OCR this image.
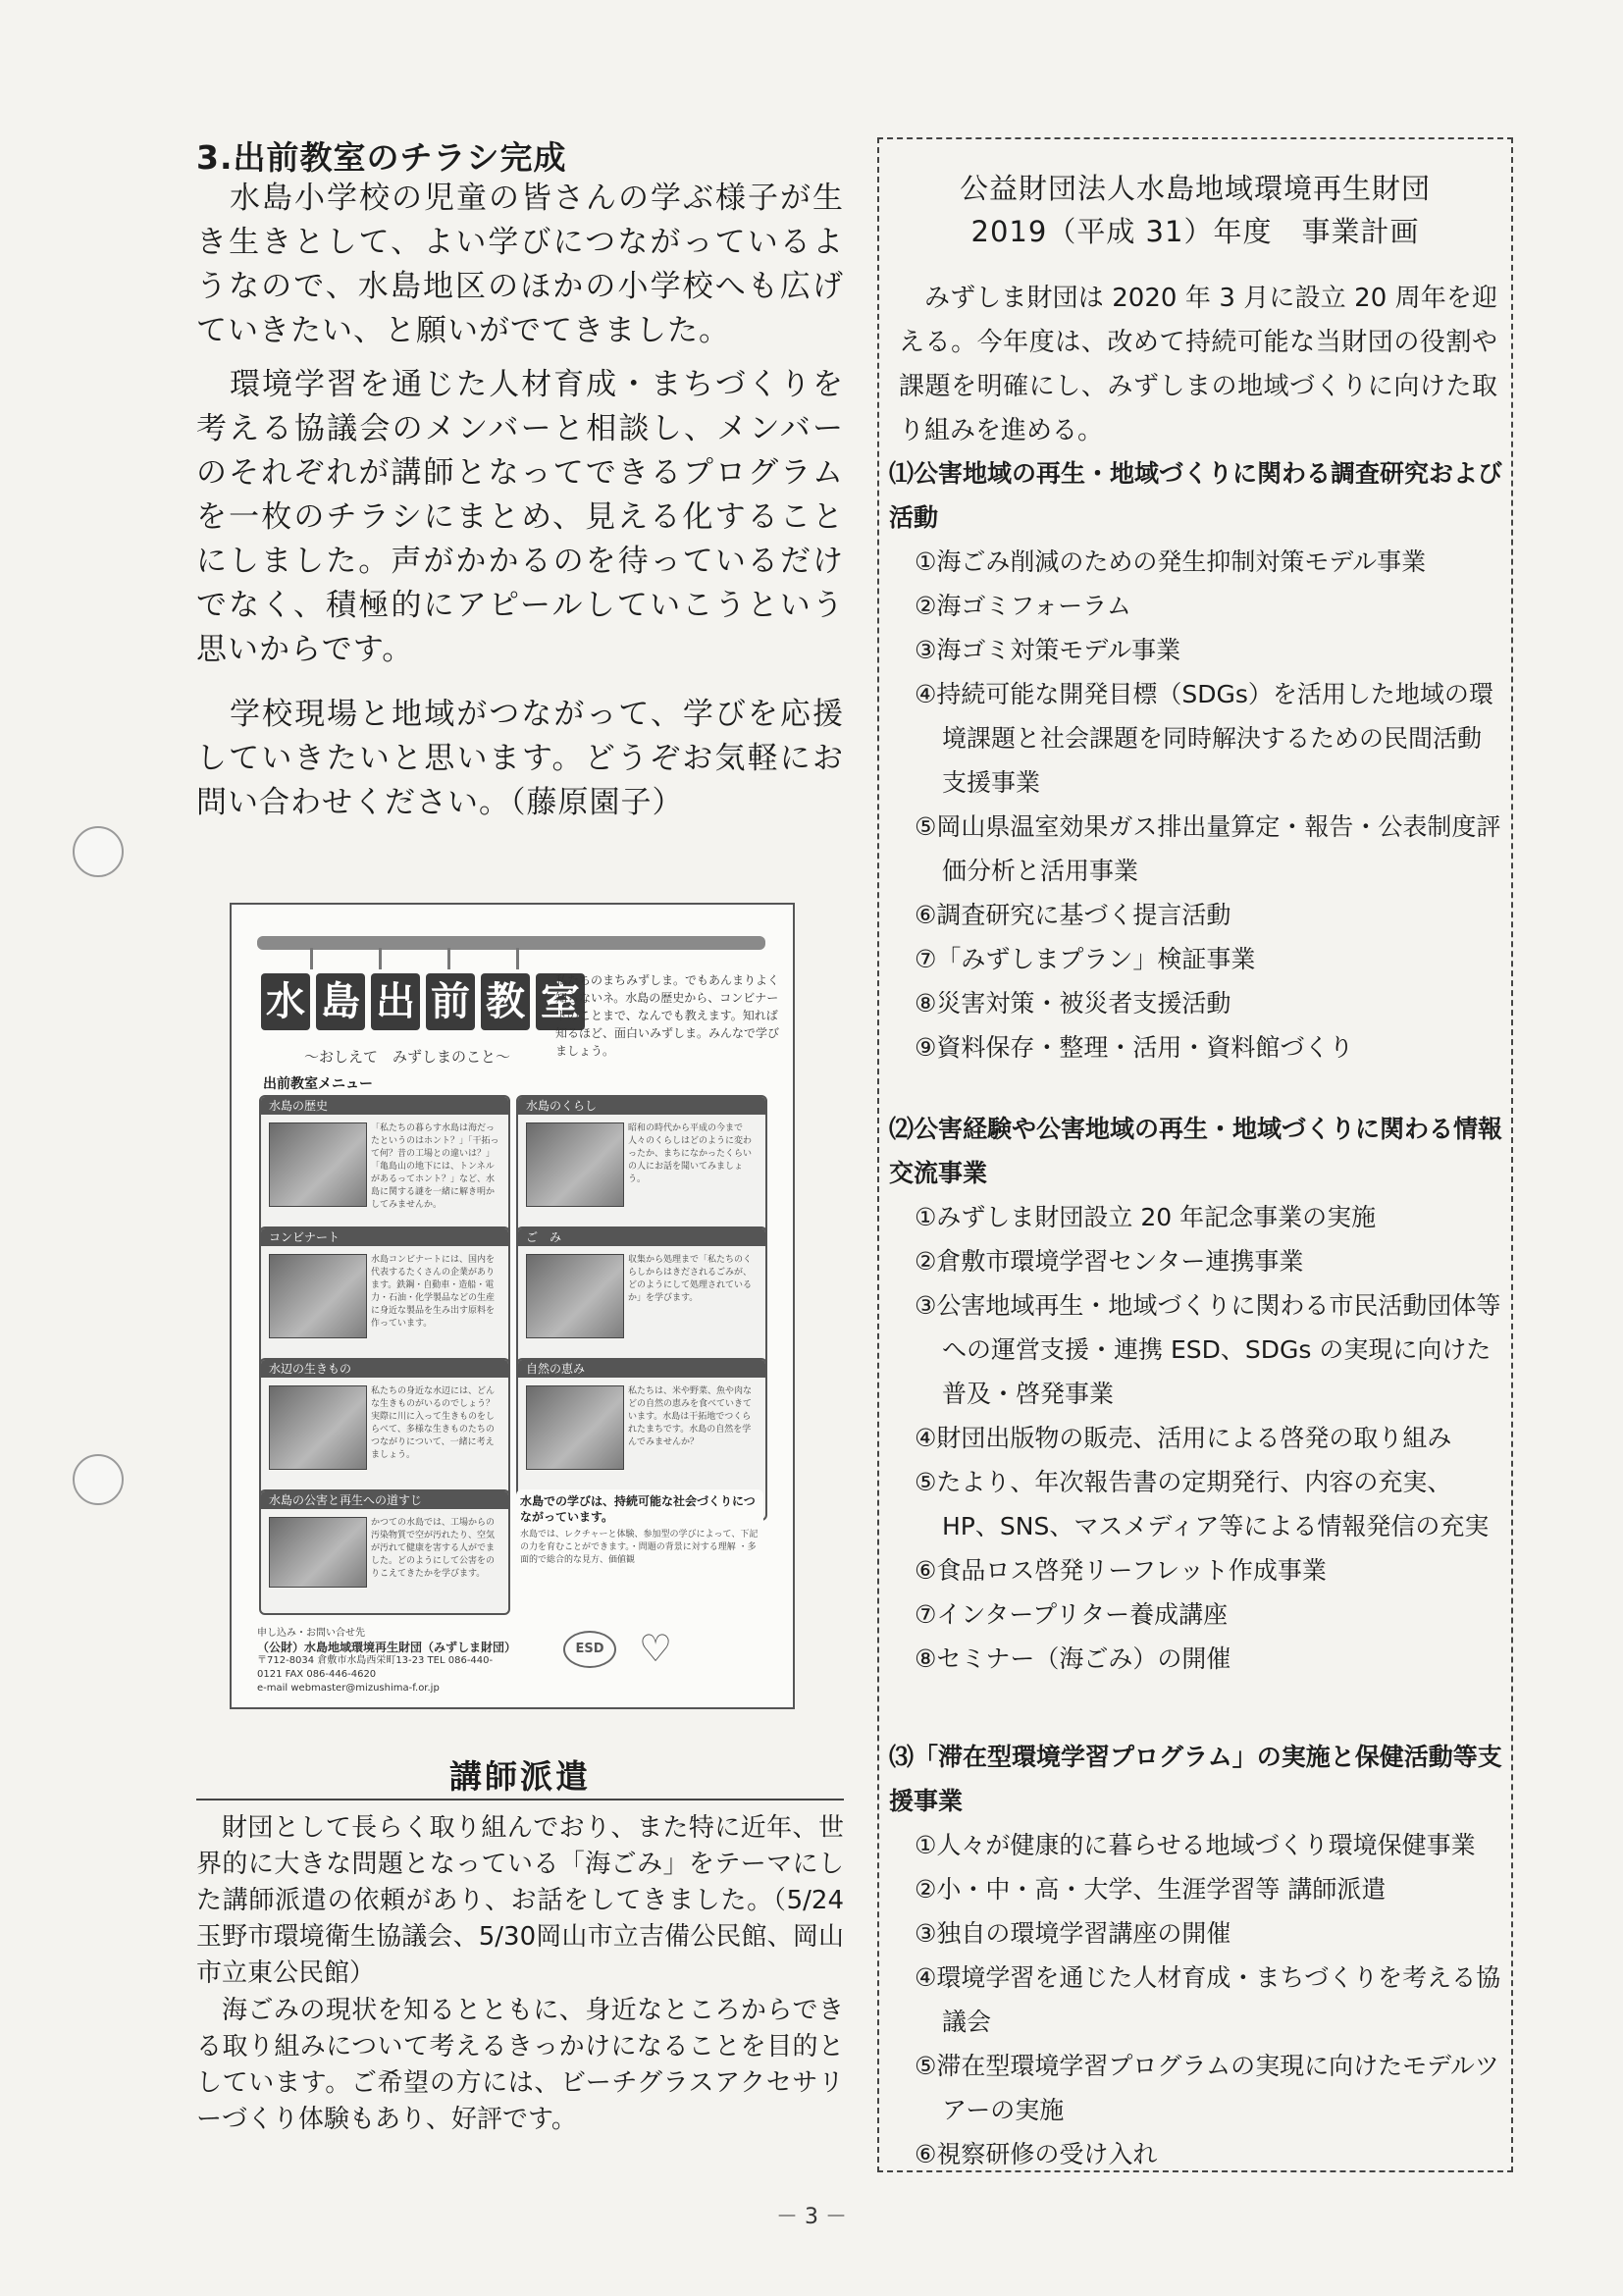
3.出前教室のチラシ完成
水島小学校の児童の皆さんの学ぶ様子が生き生きとして、よい学びにつながっているようなので、水島地区のほかの小学校へも広げていきたい、と願いがでてきました。
環境学習を通じた人材育成・まちづくりを考える協議会のメンバーと相談し、メンバーのそれぞれが講師となってできるプログラムを一枚のチラシにまとめ、見える化することにしました。声がかかるのを待っているだけでなく、積極的にアピールしていこうという思いからです。
学校現場と地域がつながって、学びを応援していきたいと思います。どうぞお気軽にお問い合わせください。（藤原園子）
水 島 出 前 教 室
～おしえて　みずしまのこと～
私たちのまちみずしま。でもあんまりよく知らないネ。水島の歴史から、コンビナートのことまで、なんでも教えます。知れば知るほど、面白いみずしま。みんなで学びましょう。
出前教室メニュー
水島の歴史
「私たちの暮らす水島は海だったというのはホント？」「干拓って何？昔の工場との違いは？」「亀島山の地下には、トンネルがあるってホント？」など、水島に関する謎を一緒に解き明かしてみませんか。
水島のくらし
昭和の時代から平成の今まで人々のくらしはどのように変わったか、まちになかったくらいの人にお話を聞いてみましょう。
コンビナート
水島コンビナートには、国内を代表するたくさんの企業があります。鉄鋼・自動車・造船・電力・石油・化学製品などの生産に身近な製品を生み出す原料を作っています。
ご　み
収集から処理まで「私たちのくらしからはきだされるごみが、どのようにして処理されているか」を学びます。
水辺の生きもの
私たちの身近な水辺には、どんな生きものがいるのでしょう？実際に川に入って生きものをしらべて、多様な生きものたちのつながりについて、一緒に考えましょう。
自然の恵み
私たちは、米や野菜、魚や肉などの自然の恵みを食べていきています。水島は干拓地でつくられたまちです。水島の自然を学んでみませんか？
水島の公害と再生への道すじ
かつての水島では、工場からの汚染物質で空が汚れたり、空気が汚れて健康を害する人がでました。どのようにして公害をのりこえてきたかを学びます。
水島での学びは、持続可能な社会づくりにつながっています。
水島では、レクチャーと体験、参加型の学びによって、下記の力を育むことができます。・問題の背景に対する理解 ・多面的で総合的な見方、価値観
申し込み・お問い合せ先
（公財）水島地域環境再生財団（みずしま財団）
〒712-8034 倉敷市水島西栄町13-23 TEL 086-440-0121 FAX 086-446-4620
e-mail webmaster@mizushima-f.or.jp
ESD ♡
講師派遣
財団として長らく取り組んでおり、また特に近年、世界的に大きな問題となっている「海ごみ」をテーマにした講師派遣の依頼があり、お話をしてきました。（5/24玉野市環境衛生協議会、5/30岡山市立吉備公民館、岡山市立東公民館）
海ごみの現状を知るとともに、身近なところからできる取り組みについて考えるきっかけになることを目的としています。ご希望の方には、ビーチグラスアクセサリーづくり体験もあり、好評です。
公益財団法人水島地域環境再生財団
2019（平成 31）年度　事業計画
みずしま財団は 2020 年 3 月に設立 20 周年を迎える。今年度は、改めて持続可能な当財団の役割や課題を明確にし、みずしまの地域づくりに向けた取り組みを進める。
⑴公害地域の再生・地域づくりに関わる調査研究および活動
①海ごみ削減のための発生抑制対策モデル事業
②海ゴミフォーラム
③海ゴミ対策モデル事業
④持続可能な開発目標（SDGs）を活用した地域の環境課題と社会課題を同時解決するための民間活動支援事業
⑤岡山県温室効果ガス排出量算定・報告・公表制度評価分析と活用事業
⑥調査研究に基づく提言活動
⑦「みずしまプラン」検証事業
⑧災害対策・被災者支援活動
⑨資料保存・整理・活用・資料館づくり
⑵公害経験や公害地域の再生・地域づくりに関わる情報交流事業
①みずしま財団設立 20 年記念事業の実施
②倉敷市環境学習センター連携事業
③公害地域再生・地域づくりに関わる市民活動団体等への運営支援・連携 ESD、SDGs の実現に向けた普及・啓発事業
④財団出版物の販売、活用による啓発の取り組み
⑤たより、年次報告書の定期発行、内容の充実、HP、SNS、マスメディア等による情報発信の充実
⑥食品ロス啓発リーフレット作成事業
⑦インタープリター養成講座
⑧セミナー（海ごみ）の開催
⑶「滞在型環境学習プログラム」の実施と保健活動等支援事業
①人々が健康的に暮らせる地域づくり環境保健事業
②小・中・高・大学、生涯学習等 講師派遣
③独自の環境学習講座の開催
④環境学習を通じた人材育成・まちづくりを考える協議会
⑤滞在型環境学習プログラムの実現に向けたモデルツアーの実施
⑥視察研修の受け入れ
－ 3 －
